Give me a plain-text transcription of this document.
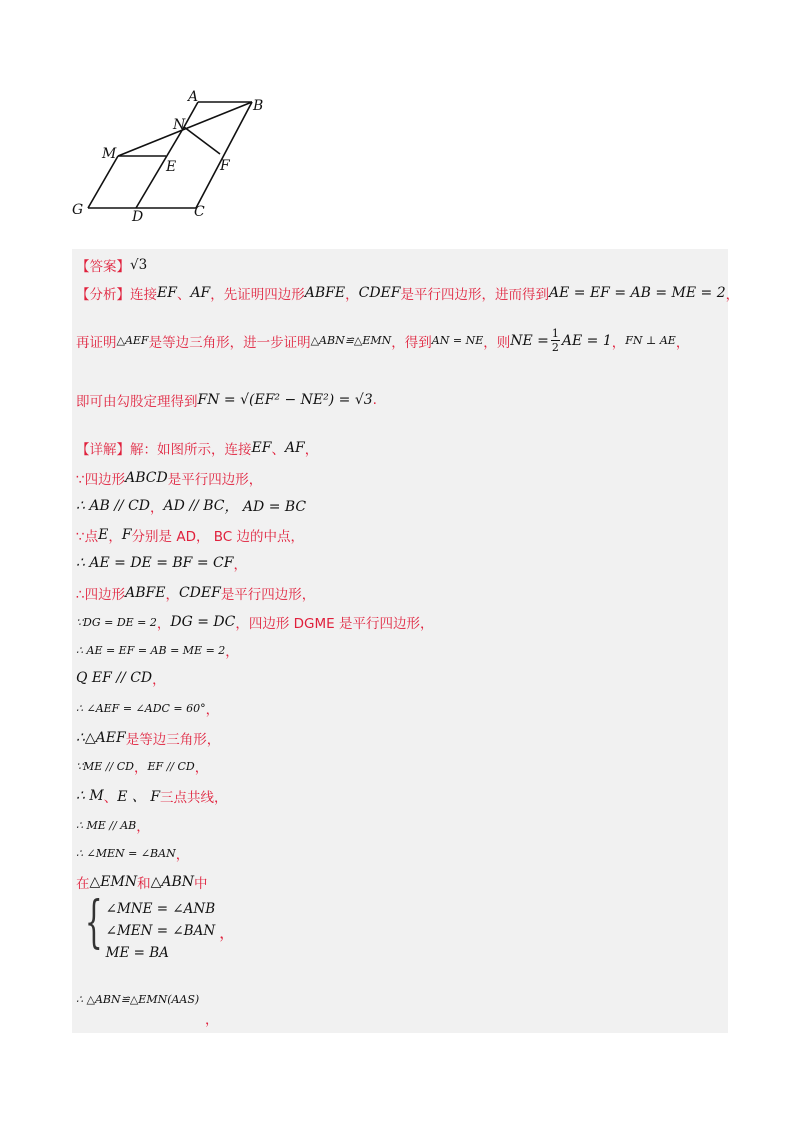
A
B
N
M
E	F
G	D	C
【答案】 √3
【分析】 连接 EF 、 AF ，先证明四边形 ABFE ， CDEF 是平行四边形，进而得到 AE = EF = AB = ME = 2 ，
再证明 △AEF 是等边三角形，进一步证明 △ABN≌△EMN ，得到 AN = NE ，则 NE = $\frac{1}{2}$ AE = 1 ， FN ⊥ AE ，
即可由勾股定理得到 FN = √(EF² − NE²) = √3 .
【详解】 解：如图所示，连接 EF 、 AF ，
∵四边形 ABCD 是平行四边形，
∴ AB // CD ， AD // BC ， AD = BC
∵点 E ， F 分别是 AD， BC 边的中点，
∴ AE = DE = BF = CF ，
∴四边形 ABFE ， CDEF 是平行四边形，
∵DG = DE = 2 ， DG = DC ，四边形 DGME 是平行四边形，
∴ AE = EF = AB = ME = 2 ，
Q EF // CD ，
∴ ∠AEF = ∠ADC = 60° ，
∴△AEF 是等边三角形，
∵ME // CD ， EF // CD ，
∴ M 、 E 、 F 三点共线，
∴ ME // AB ，
∴ ∠MEN = ∠BAN ，
在 △EMN 和 △ABN 中
{ ∠MNE = ∠ANB
∠MEN = ∠BAN
ME = BA
，
∴ △ABN≌△EMN(AAS)
，
